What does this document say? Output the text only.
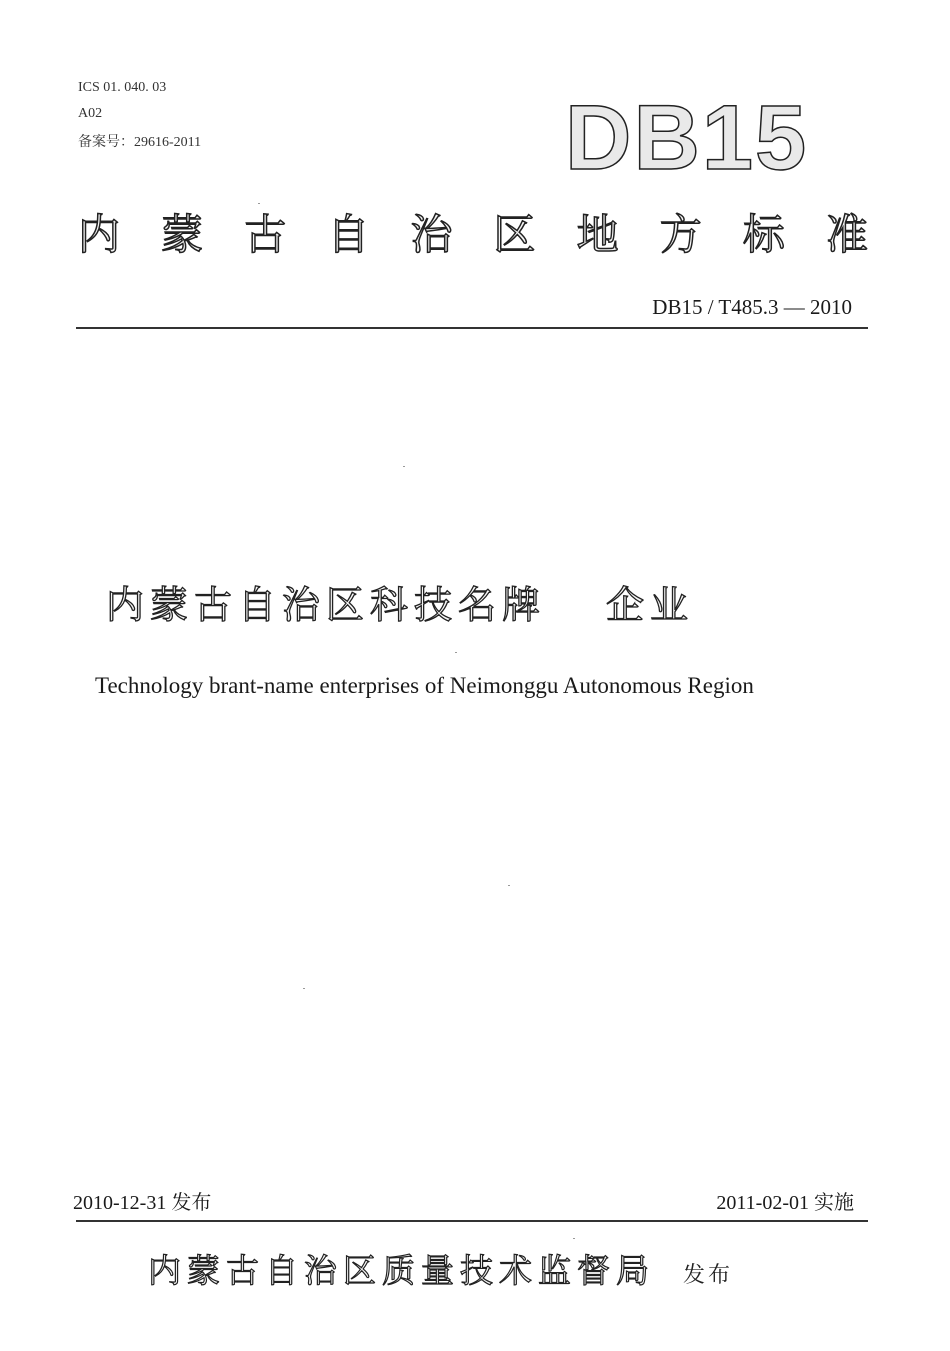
ICS 01. 040. 03
A02
备案号：29616-2011	DB15
内 蒙 古 自 治 区 地 方 标 准
DB15 / T485.3 — 2010
内蒙古自治区科技名牌 企业
Technology brant-name enterprises of Neimonggu Autonomous Region
2010-12-31 发布	2011-02-01 实施
内蒙古自治区质量技术监督局 发布
